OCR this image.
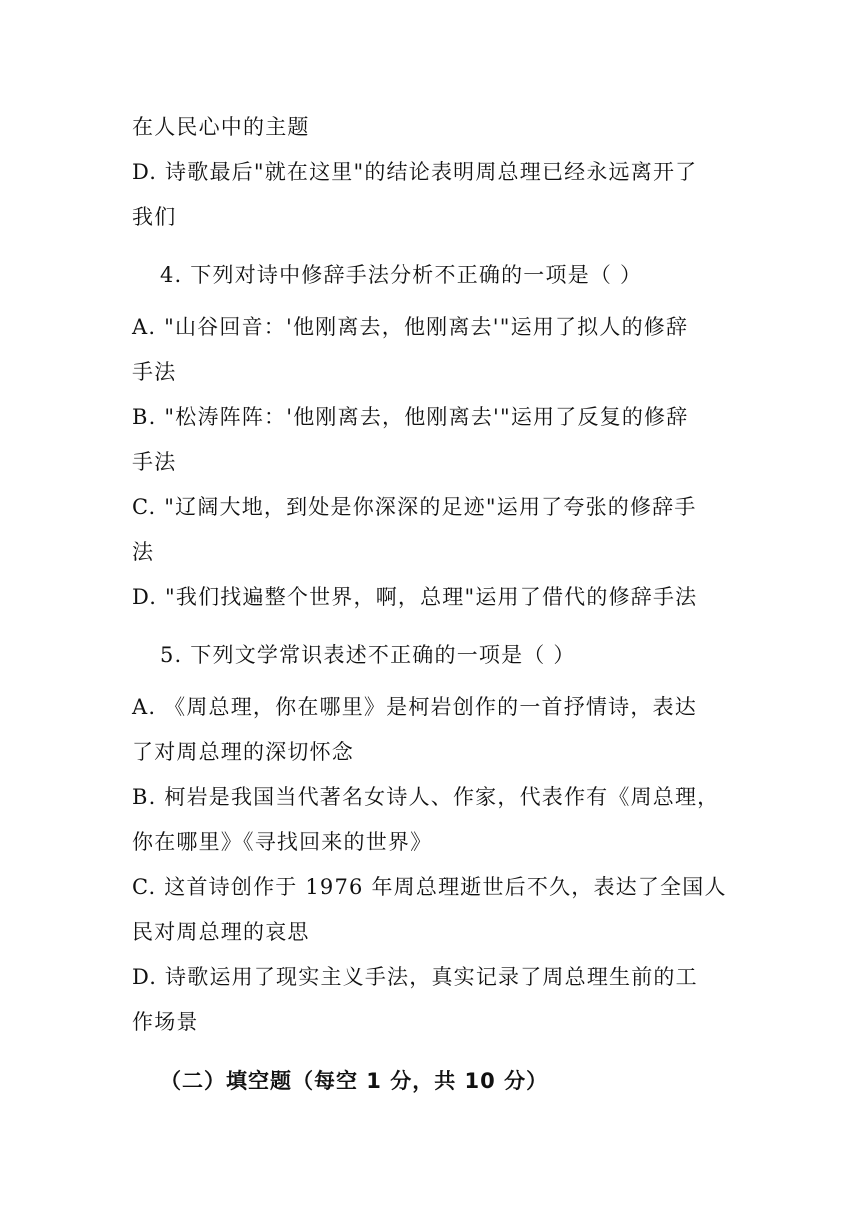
在人民心中的主题
D. 诗歌最后"就在这里"的结论表明周总理已经永远离开了
我们
4. 下列对诗中修辞手法分析不正确的一项是（ ）
A. "山谷回音：'他刚离去，他刚离去'"运用了拟人的修辞
手法
B. "松涛阵阵：'他刚离去，他刚离去'"运用了反复的修辞
手法
C. "辽阔大地，到处是你深深的足迹"运用了夸张的修辞手
法
D. "我们找遍整个世界，啊，总理"运用了借代的修辞手法
5. 下列文学常识表述不正确的一项是（ ）
A. 《周总理，你在哪里》是柯岩创作的一首抒情诗，表达
了对周总理的深切怀念
B. 柯岩是我国当代著名女诗人、作家，代表作有《周总理，
你在哪里》《寻找回来的世界》
C. 这首诗创作于 1976 年周总理逝世后不久，表达了全国人
民对周总理的哀思
D. 诗歌运用了现实主义手法，真实记录了周总理生前的工
作场景
（二）填空题（每空 1 分，共 10 分）
